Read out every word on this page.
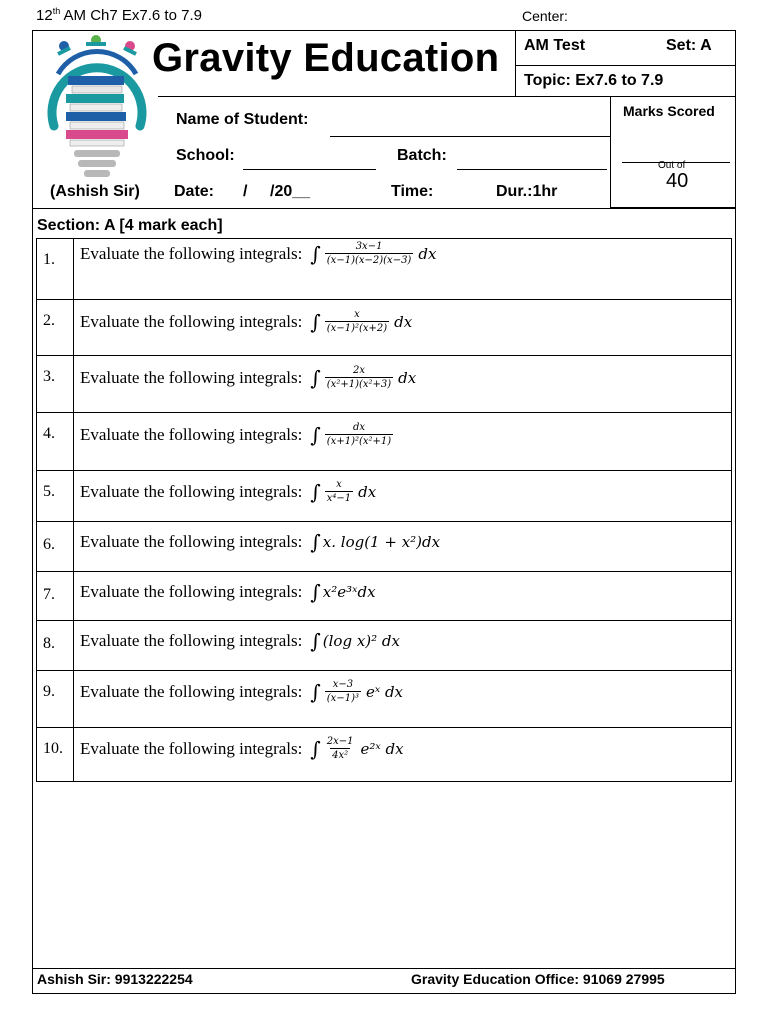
12th AM Ch7 Ex7.6 to 7.9	Center:
Gravity Education AM Test	Set: A
Topic: Ex7.6 to 7.9
Marks Scored
Out of
40
Name of Student:
School:	Batch:
(Ashish Sir) Date: / /20__	Time:	Dur.:1hr
Section: A [4 mark each]
1.	Evaluate the following integrals: ∫ $\frac{3x-1}{(x-1)(x-2)(x-3)}$ dx

2.	Evaluate the following integrals: ∫ $\frac{x}{\text{(x−1)²(x+2)}}$ dx

3.	Evaluate the following integrals: ∫ $\frac{2x}{\text{(x²+1)(x²+3)}}$ dx

4.	Evaluate the following integrals: ∫ $\frac{dx}{\text{(x+1)²(x²+1)}}$

5.	Evaluate the following integrals: ∫ $\frac{x}{\text{x⁴−1}}$ dx

6.	Evaluate the following integrals: ∫ x. log(1 + x²)dx

7.	Evaluate the following integrals: ∫ x²e³ˣdx

8.	Evaluate the following integrals: ∫ (log x)² dx

9.	Evaluate the following integrals: ∫ $\frac{x-3}{\text{(x−1)³}}$ eˣ dx

10.	Evaluate the following integrals: ∫ $\frac{2x-1}{\text{4x²}}$ e²ˣ dx
Ashish Sir: 9913222254	Gravity Education Office: 91069 27995
